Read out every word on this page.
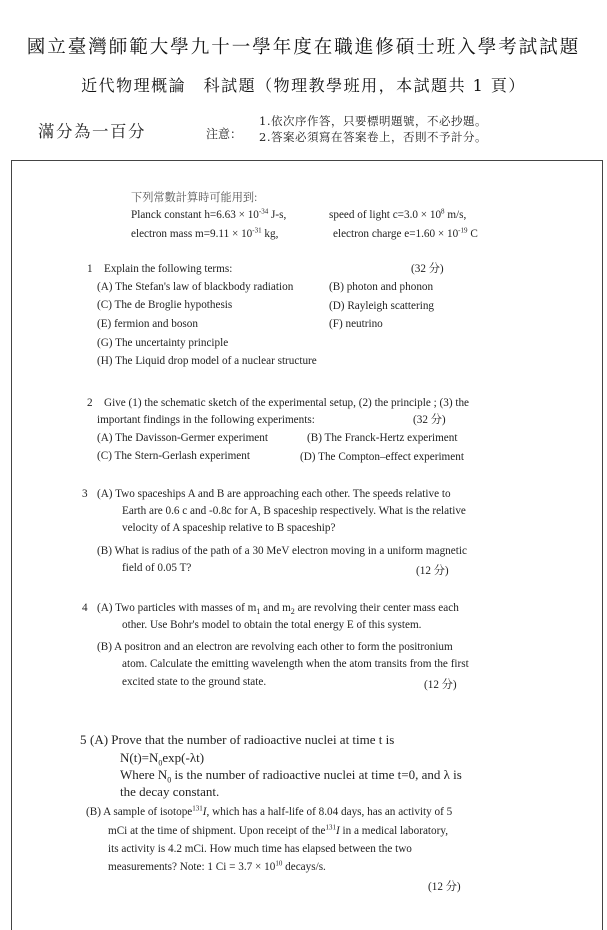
國立臺灣師範大學九十一學年度在職進修碩士班入學考試試題
近代物理概論　科試題（物理教學班用，本試題共 1 頁）
滿分為一百分	注意：
1.依次序作答，只要標明題號，不必抄題。
2.答案必須寫在答案卷上，否則不予計分。
下列常數計算時可能用到:
Planck constant $h=6.63 \times 10^{-34}$ J-s,	speed of light $c=3.0 \times 10^8$ m/s,
electron mass $m=9.11 \times 10^{-31}$ kg,	electron charge $e=1.60 \times 10^{-19}$ C
1 Explain the following terms:	(32 分)
(A) The Stefan's law of blackbody radiation	(B) photon and phonon
(C) The de Broglie hypothesis	(D) Rayleigh scattering
(E) fermion and boson	(F) neutrino
(G) The uncertainty principle
(H) The Liquid drop model of a nuclear structure
2 Give (1) the schematic sketch of the experimental setup, (2) the principle ; (3) the
important findings in the following experiments:	(32 分)
(A) The Davisson-Germer experiment	(B) The Franck-Hertz experiment
(C) The Stern-Gerlash experiment	(D) The Compton–effect experiment
3 (A) Two spaceships A and B are approaching each other. The speeds relative to
Earth are 0.6 c and -0.8c for A, B spaceship respectively. What is the relative
velocity of A spaceship relative to B spaceship?
(B) What is radius of the path of a 30 MeV electron moving in a uniform magnetic
field of 0.05 T?	(12 分)
4 (A) Two particles with masses of $m_1$ and $m_2$ are revolving their center mass each
other. Use Bohr's model to obtain the total energy E of this system.
(B) A positron and an electron are revolving each other to form the positronium
atom. Calculate the emitting wavelength when the atom transits from the first
excited state to the ground state.	(12 分)
5 (A) Prove that the number of radioactive nuclei at time t is
$N(t)=N_0\exp(-\lambda t)$
Where $N_0$ is the number of radioactive nuclei at time t=0, and λ is
the decay constant.
(B) A sample of isotope$^{131}$I, which has a half-life of 8.04 days, has an activity of 5
mCi at the time of shipment. Upon receipt of the$^{131}$I in a medical laboratory,
its activity is 4.2 mCi. How much time has elapsed between the two
measurements? Note: 1 $Ci = 3.7 \times 10^{10}$ decays/s.
(12 分)
